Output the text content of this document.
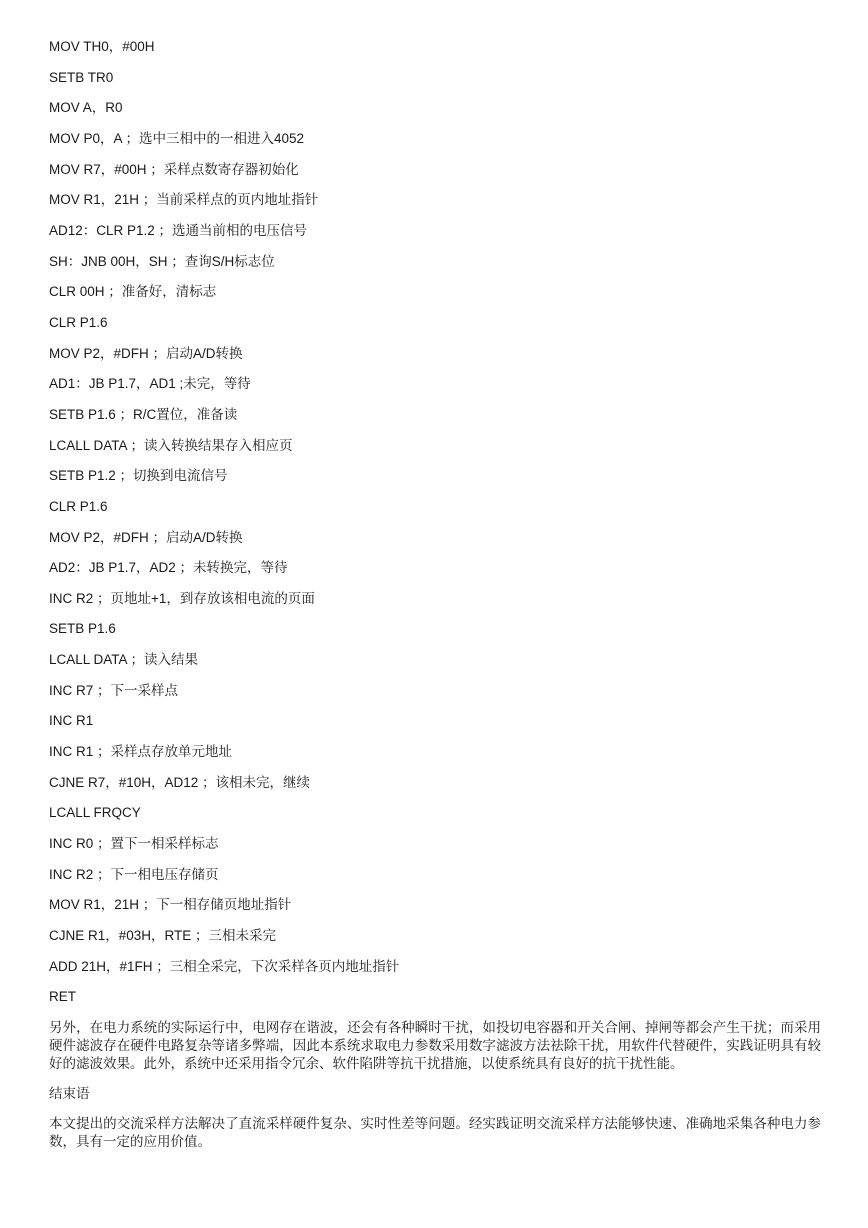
MOV TH0，#00H
SETB TR0
MOV A，R0
MOV P0，A ；选中三相中的一相进入4052
MOV R7，#00H ；采样点数寄存器初始化
MOV R1，21H ；当前采样点的页内地址指针
AD12：CLR P1.2 ；选通当前相的电压信号
SH：JNB 00H，SH ；查询S/H标志位
CLR 00H ；准备好，清标志
CLR P1.6
MOV P2，#DFH ；启动A/D转换
AD1：JB P1.7，AD1 ;未完，等待
SETB P1.6 ；R/C置位，准备读
LCALL DATA ；读入转换结果存入相应页
SETB P1.2 ；切换到电流信号
CLR P1.6
MOV P2，#DFH ；启动A/D转换
AD2：JB P1.7，AD2 ；未转换完，等待
INC R2 ；页地址+1，到存放该相电流的页面
SETB P1.6
LCALL DATA ；读入结果
INC R7 ；下一采样点
INC R1
INC R1 ；采样点存放单元地址
CJNE R7，#10H，AD12 ；该相未完，继续
LCALL FRQCY
INC R0 ；置下一相采样标志
INC R2 ；下一相电压存储页
MOV R1，21H ；下一相存储页地址指针
CJNE R1，#03H，RTE ；三相未采完
ADD 21H，#1FH ；三相全采完，下次采样各页内地址指针
RET

另外，在电力系统的实际运行中，电网存在谐波，还会有各种瞬时干扰，如投切电容器和开关合闸、掉闸等都会产生干扰；而采用硬件滤波存在硬件电路复杂等诸多弊端，因此本系统求取电力参数采用数字滤波方法祛除干扰，用软件代替硬件，实践证明具有较好的滤波效果。此外，系统中还采用指令冗余、软件陷阱等抗干扰措施，以使系统具有良好的抗干扰性能。

结束语

本文提出的交流采样方法解决了直流采样硬件复杂、实时性差等问题。经实践证明交流采样方法能够快速、准确地采集各种电力参数，具有一定的应用价值。
